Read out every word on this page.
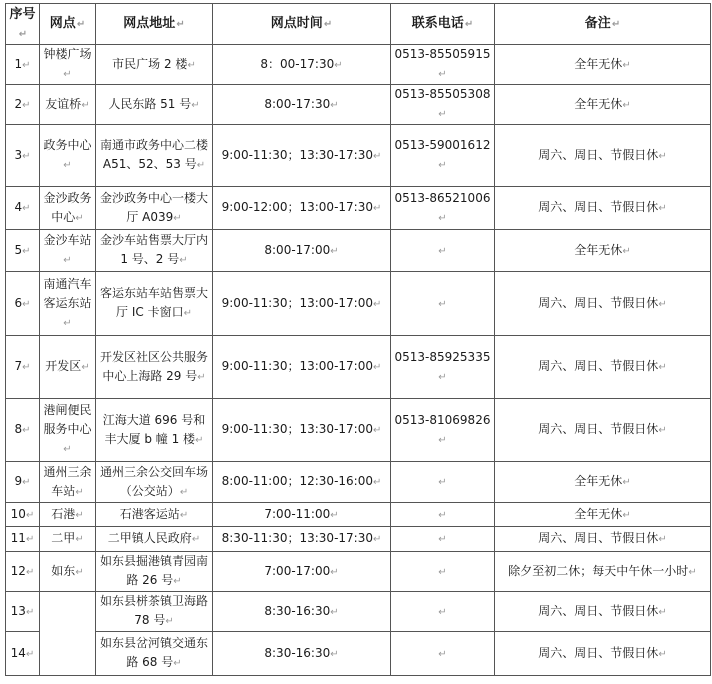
序号↵	网点↵	网点地址↵	网点时间↵	联系电话↵	备注↵
1↵	钟楼广场↵	市民广场 2 楼↵	8：00-17:30↵	0513-85505915↵	全年无休↵
2↵	友谊桥↵	人民东路 51 号↵	8:00-17:30↵	0513-85505308↵	全年无休↵
3↵	政务中心↵	南通市政务中心二楼 A51、52、53 号↵	9:00-11:30；13:30-17:30↵	0513-59001612↵	周六、周日、节假日休↵
4↵	金沙政务中心↵	金沙政务中心一楼大厅 A039↵	9:00-12:00；13:00-17:30↵	0513-86521006↵	周六、周日、节假日休↵
5↵	金沙车站↵	金沙车站售票大厅内 1 号、2 号↵	8:00-17:00↵	↵	全年无休↵
6↵	南通汽车客运东站↵	客运东站车站售票大厅 IC 卡窗口↵	9:00-11:30；13:00-17:00↵	↵	周六、周日、节假日休↵
7↵	开发区↵	开发区社区公共服务中心上海路 29 号↵	9:00-11:30；13:00-17:00↵	0513-85925335↵	周六、周日、节假日休↵
8↵	港闸便民服务中心↵	江海大道 696 号和丰大厦 b 幢 1 楼↵	9:00-11:30；13:30-17:00↵	0513-81069826↵	周六、周日、节假日休↵
9↵	通州三余车站↵	通州三余公交回车场（公交站）↵	8:00-11:00；12:30-16:00↵	↵	全年无休↵
10↵	石港↵	石港客运站↵	7:00-11:00↵	↵	全年无休↵
11↵	二甲↵	二甲镇人民政府↵	8:30-11:30；13:30-17:30↵	↵	周六、周日、节假日休↵
12↵	如东↵	如东县掘港镇青园南路 26 号↵	7:00-17:00↵	↵	除夕至初二休；每天中午休一小时↵
13↵		如东县栟茶镇卫海路 78 号↵	8:30-16:30↵	↵	周六、周日、节假日休↵
14↵		如东县岔河镇交通东路 68 号↵	8:30-16:30↵	↵	周六、周日、节假日休↵
